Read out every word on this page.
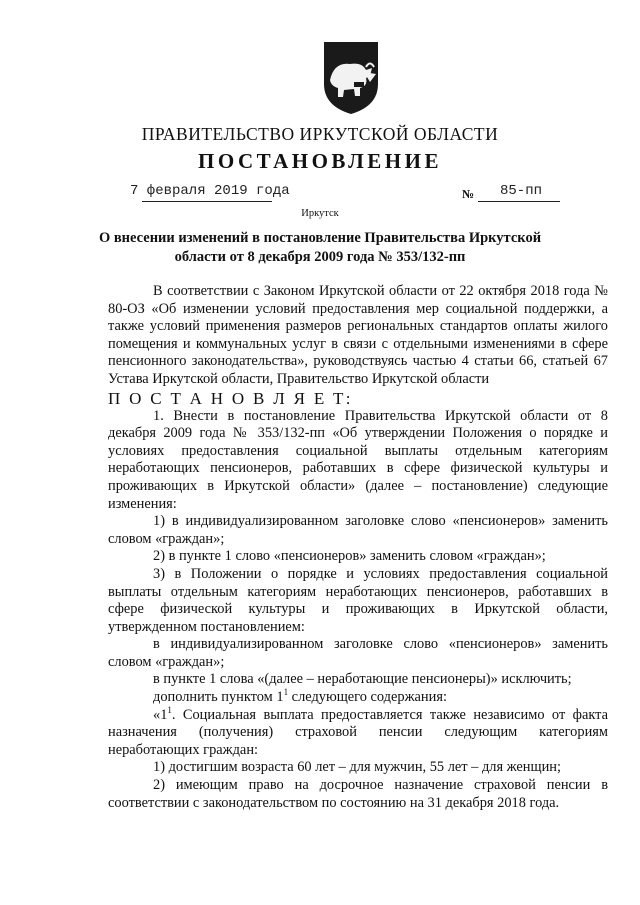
ПРАВИТЕЛЬСТВО ИРКУТСКОЙ ОБЛАСТИ
ПОСТАНОВЛЕНИЕ
7 февраля 2019 года	№ 85-пп
Иркутск
О внесении изменений в постановление Правительства Иркутской
области от 8 декабря 2009 года № 353/132-пп

В соответствии с Законом Иркутской области от 22 октября 2018 года № 80-ОЗ «Об изменении условий предоставления мер социальной поддержки, а также условий применения размеров региональных стандартов оплаты жилого помещения и коммунальных услуг в связи с отдельными изменениями в сфере пенсионного законодательства», руководствуясь частью 4 статьи 66, статьей 67 Устава Иркутской области, Правительство Иркутской области

П О С Т А Н О В Л Я Е Т:

1. Внести в постановление Правительства Иркутской области от 8 декабря 2009 года № 353/132-пп «Об утверждении Положения о порядке и условиях предоставления социальной выплаты отдельным категориям неработающих пенсионеров, работавших в сфере физической культуры и проживающих в Иркутской области» (далее – постановление) следующие изменения:

1) в индивидуализированном заголовке слово «пенсионеров» заменить словом «граждан»;

2) в пункте 1 слово «пенсионеров» заменить словом «граждан»;

3) в Положении о порядке и условиях предоставления социальной выплаты отдельным категориям неработающих пенсионеров, работавших в сфере физической культуры и проживающих в Иркутской области, утвержденном постановлением:

в индивидуализированном заголовке слово «пенсионеров» заменить словом «граждан»;

в пункте 1 слова «(далее – неработающие пенсионеры)» исключить;

дополнить пунктом $1^1$ следующего содержания:

«$1^1$. Социальная выплата предоставляется также независимо от факта назначения (получения) страховой пенсии следующим категориям неработающих граждан:

1) достигшим возраста 60 лет – для мужчин, 55 лет – для женщин;

2) имеющим право на досрочное назначение страховой пенсии в соответствии с законодательством по состоянию на 31 декабря 2018 года.
